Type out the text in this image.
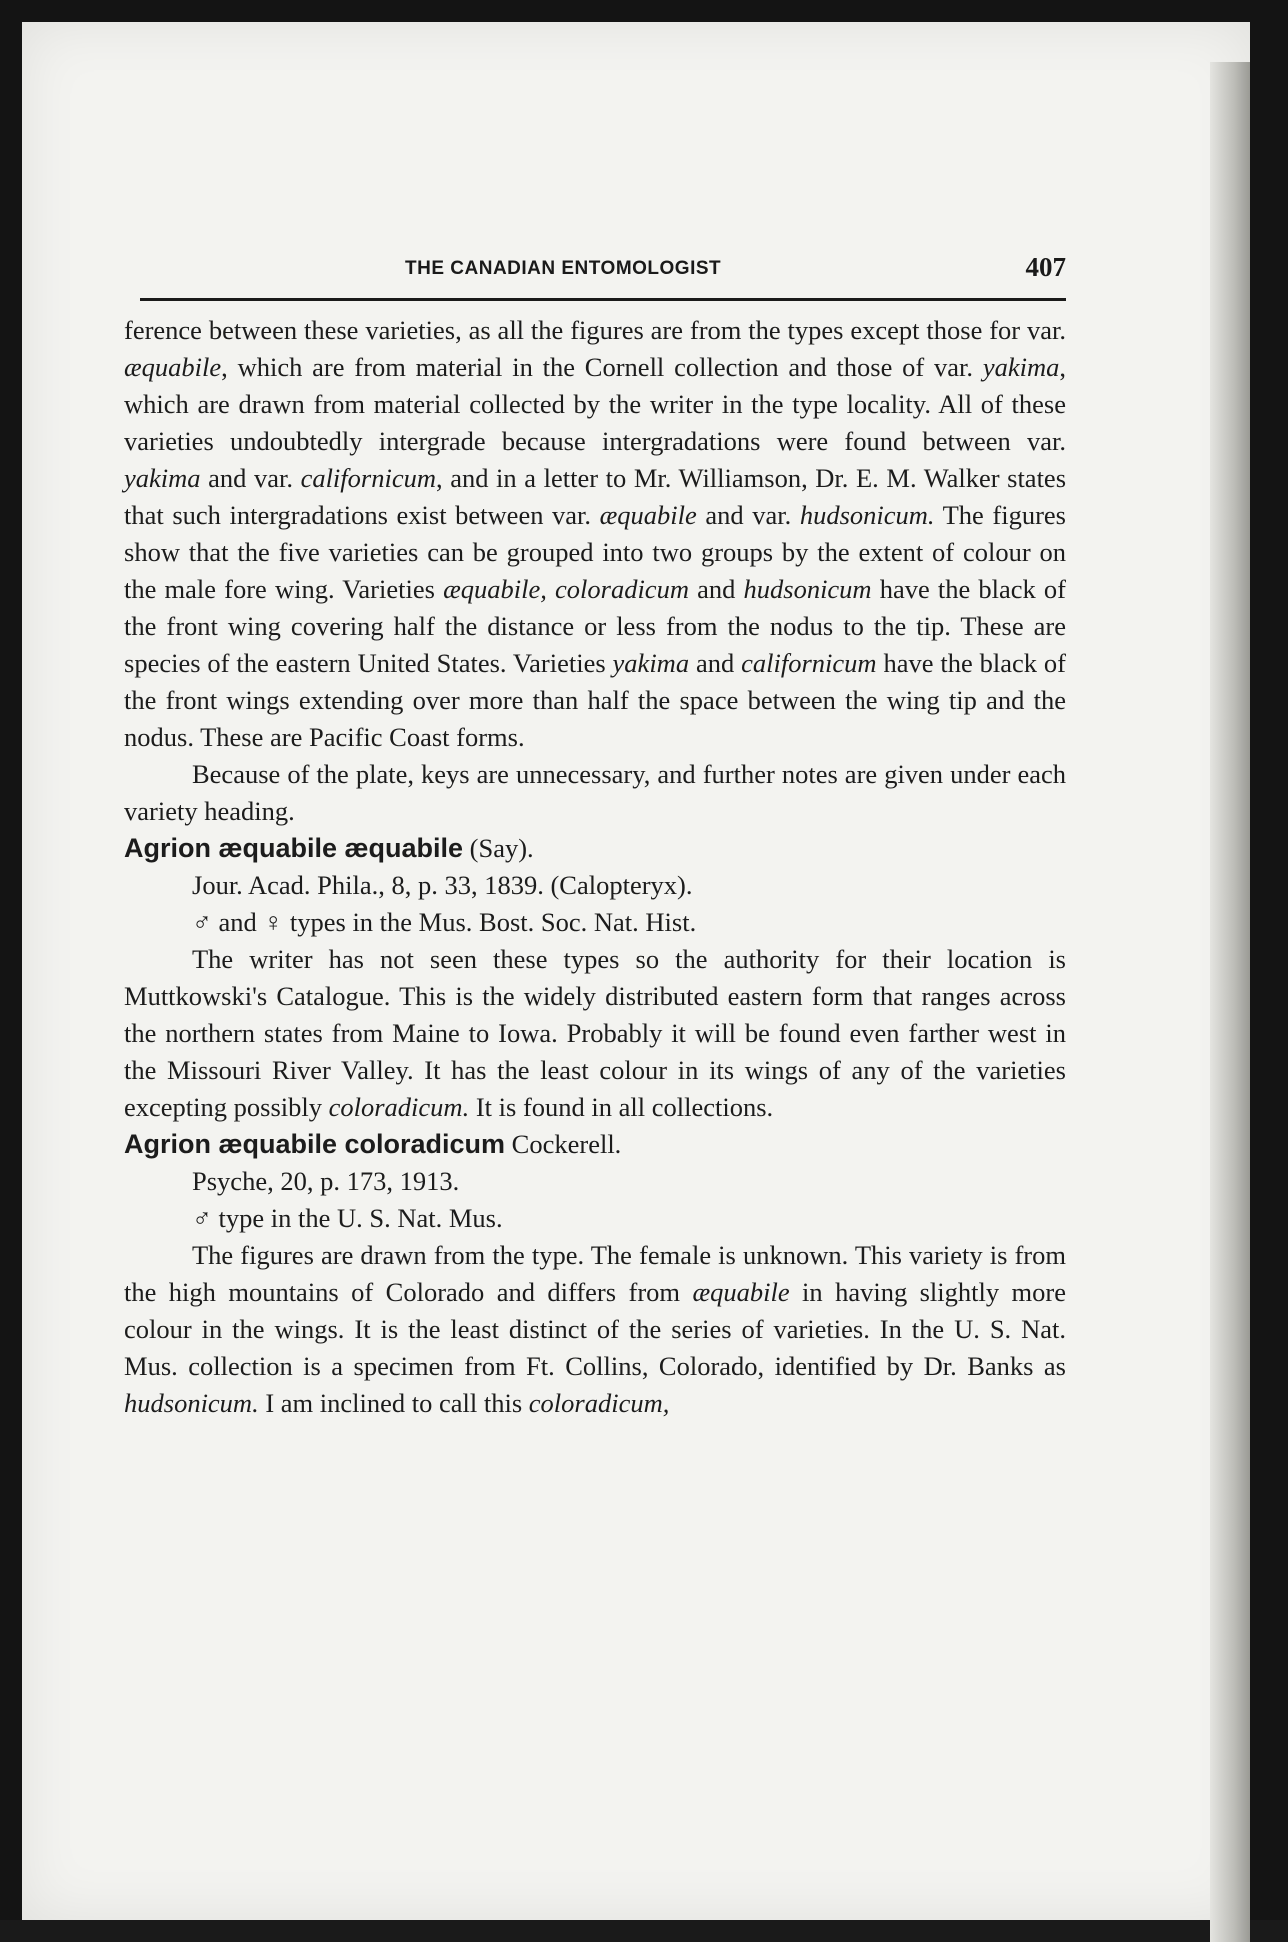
THE CANADIAN ENTOMOLOGIST	407

ference between these varieties, as all the figures are from the types except those for var. æquabile, which are from material in the Cornell collection and those of var. yakima, which are drawn from material collected by the writer in the type locality. All of these varieties undoubtedly intergrade because intergradations were found between var. yakima and var. californicum, and in a letter to Mr. Williamson, Dr. E. M. Walker states that such intergradations exist between var. æquabile and var. hudsonicum. The figures show that the five varieties can be grouped into two groups by the extent of colour on the male fore wing. Varieties æquabile, coloradicum and hudsonicum have the black of the front wing covering half the distance or less from the nodus to the tip. These are species of the eastern United States. Varieties yakima and californicum have the black of the front wings extending over more than half the space between the wing tip and the nodus. These are Pacific Coast forms.

Because of the plate, keys are unnecessary, and further notes are given under each variety heading.

Agrion æquabile æquabile (Say).

Jour. Acad. Phila., 8, p. 33, 1839. (Calopteryx).

♂ and ♀ types in the Mus. Bost. Soc. Nat. Hist.

The writer has not seen these types so the authority for their location is Muttkowski's Catalogue. This is the widely distributed eastern form that ranges across the northern states from Maine to Iowa. Probably it will be found even farther west in the Missouri River Valley. It has the least colour in its wings of any of the varieties excepting possibly coloradicum. It is found in all collections.

Agrion æquabile coloradicum Cockerell.

Psyche, 20, p. 173, 1913.

♂ type in the U. S. Nat. Mus.

The figures are drawn from the type. The female is unknown. This variety is from the high mountains of Colorado and differs from æquabile in having slightly more colour in the wings. It is the least distinct of the series of varieties. In the U. S. Nat. Mus. collection is a specimen from Ft. Collins, Colorado, identified by Dr. Banks as hudsonicum. I am inclined to call this coloradicum,
